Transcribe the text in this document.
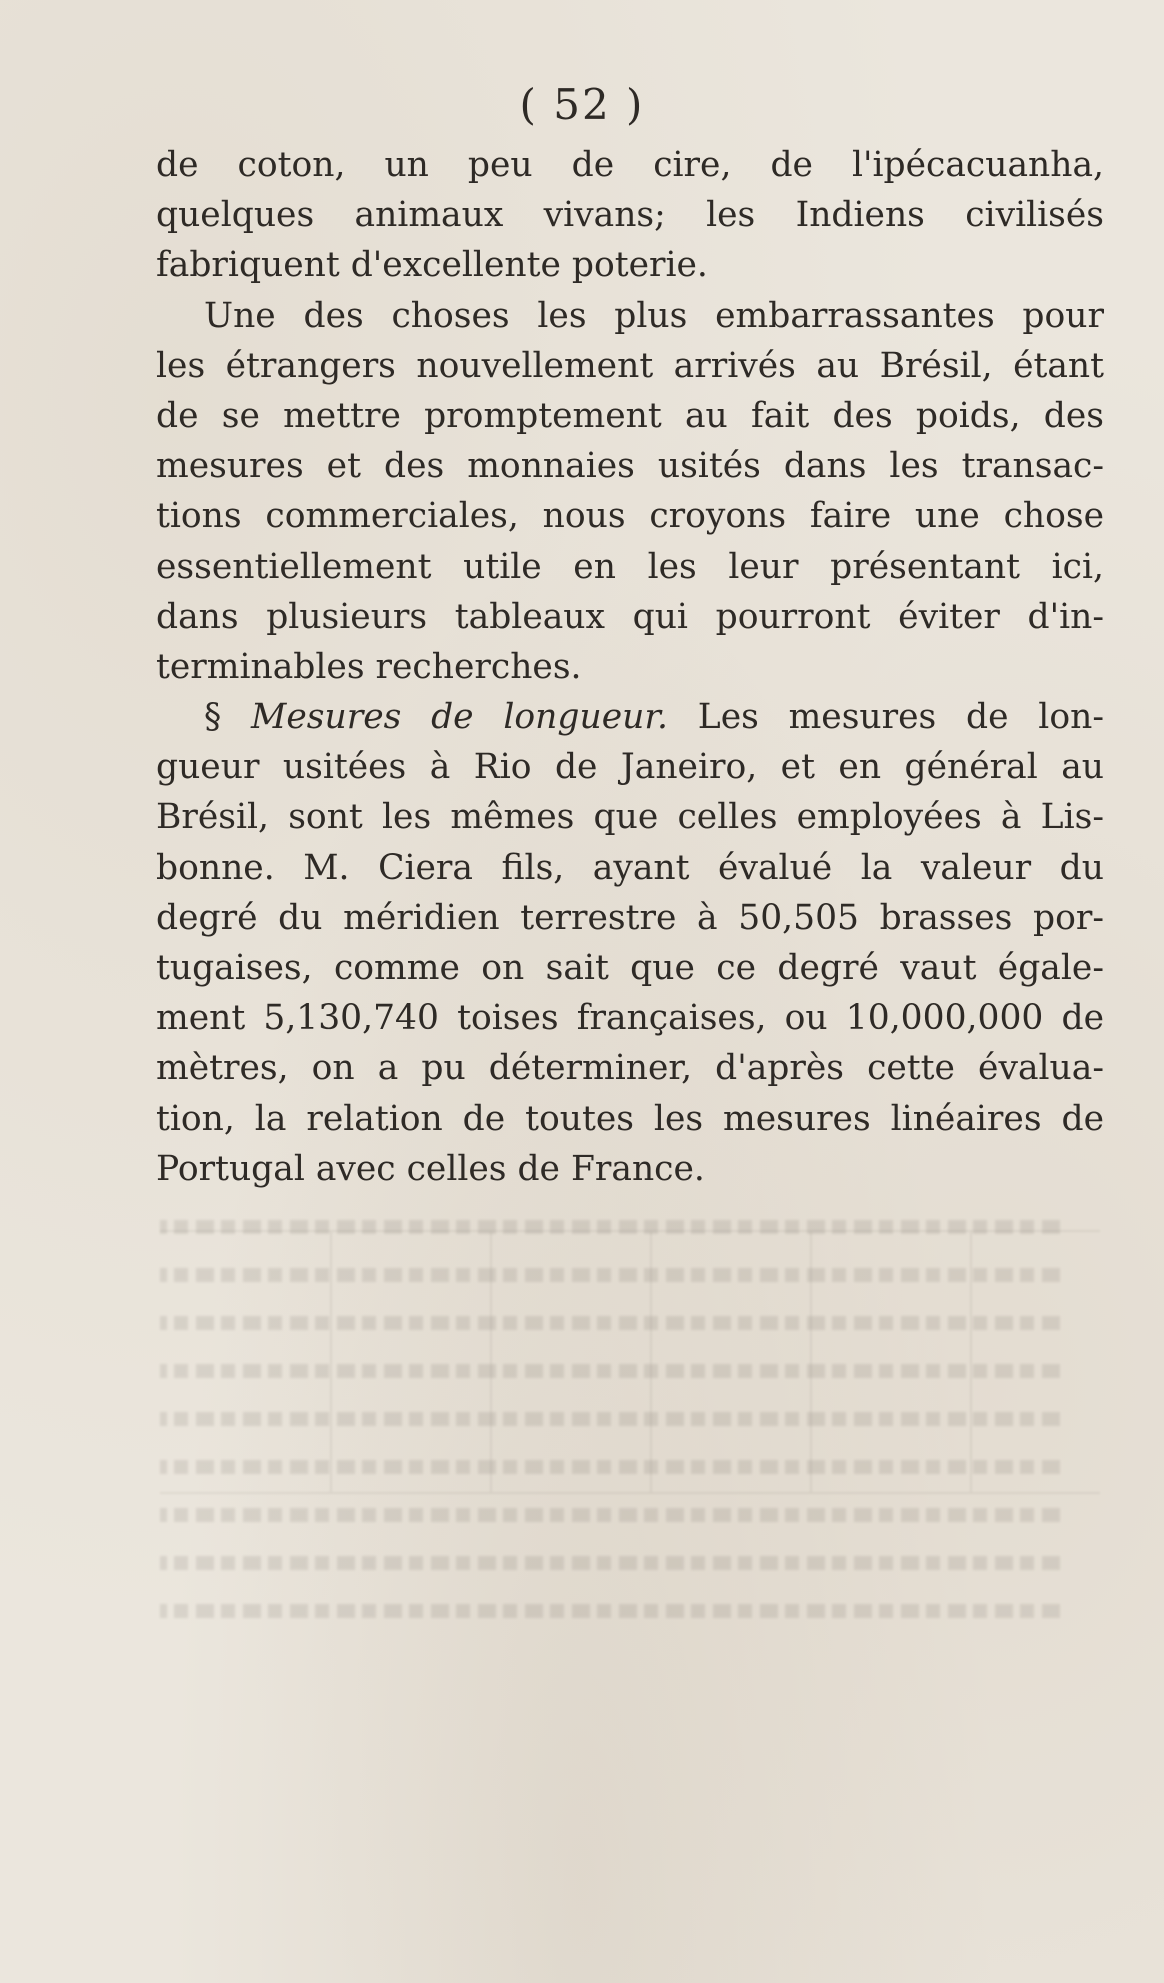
( 52 )
de coton, un peu de cire, de l'ipécacuanha,
quelques animaux vivans; les Indiens civilisés
fabriquent d'excellente poterie.
Une des choses les plus embarrassantes pour
les étrangers nouvellement arrivés au Brésil, étant
de se mettre promptement au fait des poids, des
mesures et des monnaies usités dans les transac-
tions commerciales, nous croyons faire une chose
essentiellement utile en les leur présentant ici,
dans plusieurs tableaux qui pourront éviter d'in-
terminables recherches.
§ Mesures de longueur. Les mesures de lon-
gueur usitées à Rio de Janeiro, et en général au
Brésil, sont les mêmes que celles employées à Lis-
bonne. M. Ciera fils, ayant évalué la valeur du
degré du méridien terrestre à 50,505 brasses por-
tugaises, comme on sait que ce degré vaut égale-
ment 5,130,740 toises françaises, ou 10,000,000 de
mètres, on a pu déterminer, d'après cette évalua-
tion, la relation de toutes les mesures linéaires de
Portugal avec celles de France.
